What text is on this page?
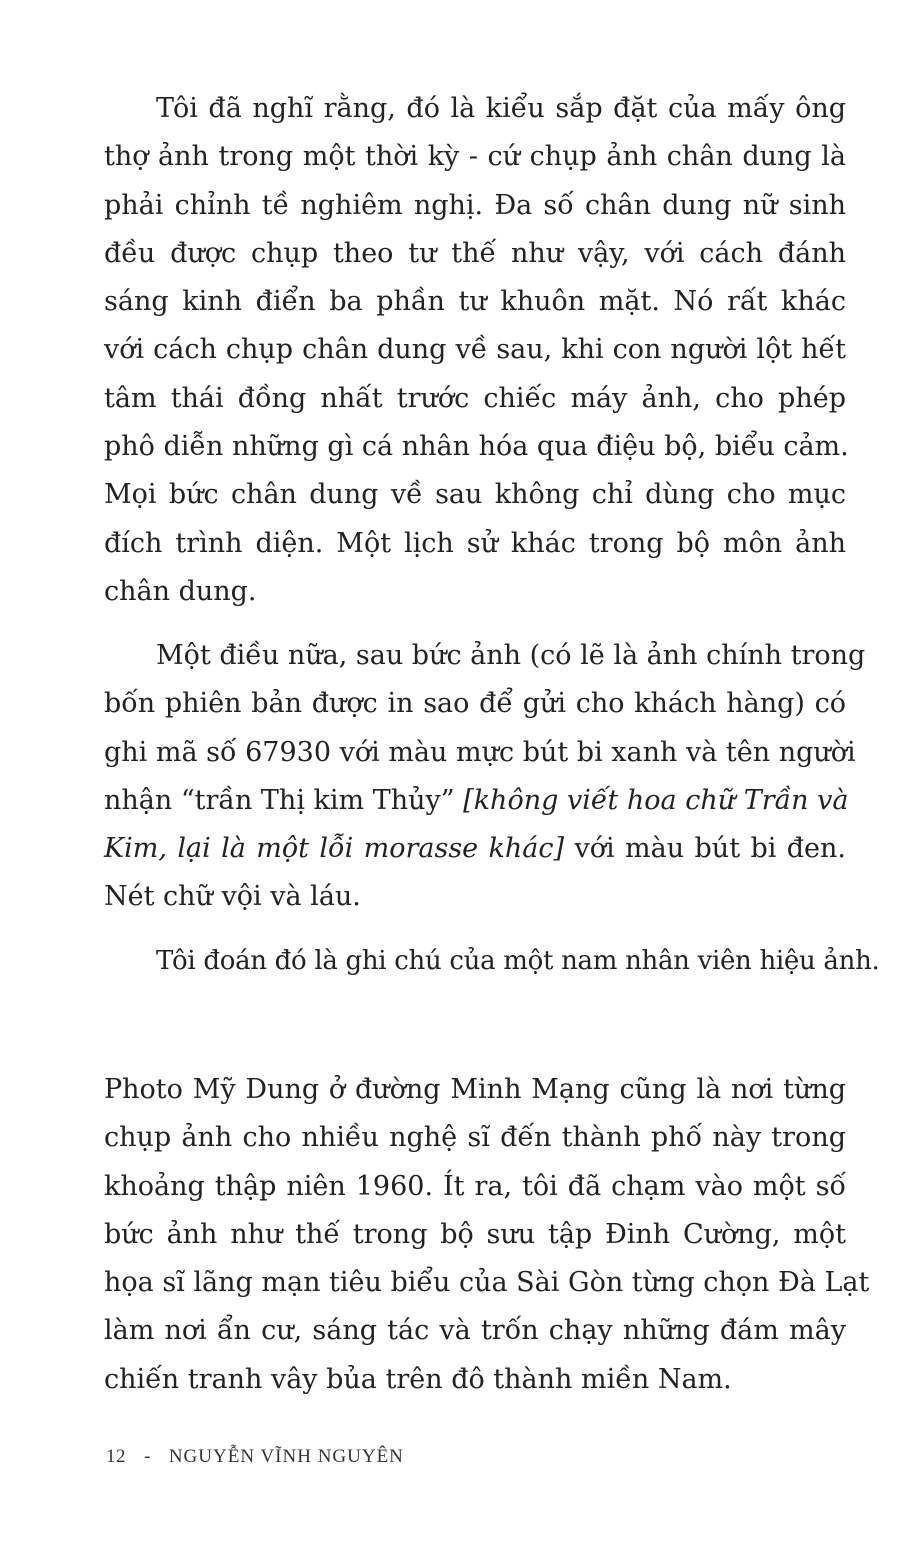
Tôi đã nghĩ rằng, đó là kiểu sắp đặt của mấy ông
thợ ảnh trong một thời kỳ - cứ chụp ảnh chân dung là
phải chỉnh tề nghiêm nghị. Đa số chân dung nữ sinh
đều được chụp theo tư thế như vậy, với cách đánh
sáng kinh điển ba phần tư khuôn mặt. Nó rất khác
với cách chụp chân dung về sau, khi con người lột hết
tâm thái đồng nhất trước chiếc máy ảnh, cho phép
phô diễn những gì cá nhân hóa qua điệu bộ, biểu cảm.
Mọi bức chân dung về sau không chỉ dùng cho mục
đích trình diện. Một lịch sử khác trong bộ môn ảnh
chân dung.
Một điều nữa, sau bức ảnh (có lẽ là ảnh chính trong
bốn phiên bản được in sao để gửi cho khách hàng) có
ghi mã số 67930 với màu mực bút bi xanh và tên người
nhận “trần Thị kim Thủy” [không viết hoa chữ Trần và
Kim, lại là một lỗi morasse khác] với màu bút bi đen.
Nét chữ vội và láu.
Tôi đoán đó là ghi chú của một nam nhân viên hiệu ảnh.
Photo Mỹ Dung ở đường Minh Mạng cũng là nơi từng
chụp ảnh cho nhiều nghệ sĩ đến thành phố này trong
khoảng thập niên 1960. Ít ra, tôi đã chạm vào một số
bức ảnh như thế trong bộ sưu tập Đinh Cường, một
họa sĩ lãng mạn tiêu biểu của Sài Gòn từng chọn Đà Lạt
làm nơi ẩn cư, sáng tác và trốn chạy những đám mây
chiến tranh vây bủa trên đô thành miền Nam.
12 - NGUYỄN VĨNH NGUYÊN
